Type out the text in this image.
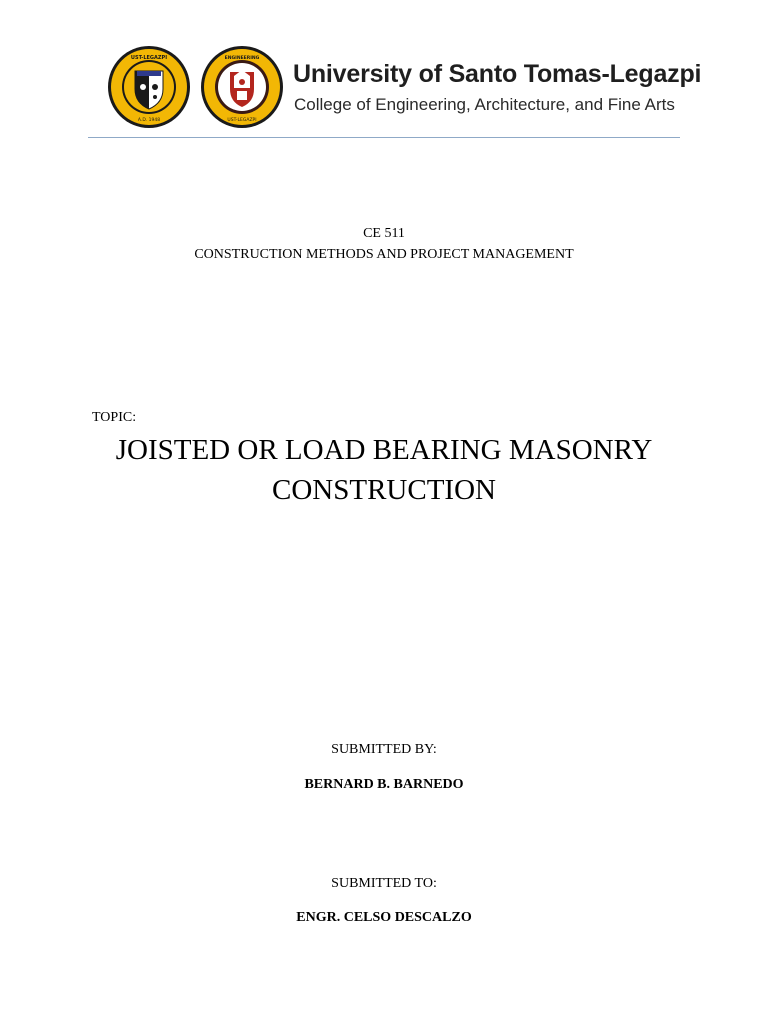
UST-LEGAZPI
A.D. 1948
ENGINEERING
UST-LEGAZPI
University of Santo Tomas-Legazpi
College of Engineering, Architecture, and Fine Arts
CE 511
CONSTRUCTION METHODS AND PROJECT MANAGEMENT
TOPIC:
JOISTED OR LOAD BEARING MASONRY CONSTRUCTION
SUBMITTED BY:
BERNARD B. BARNEDO
SUBMITTED TO:
ENGR. CELSO DESCALZO
